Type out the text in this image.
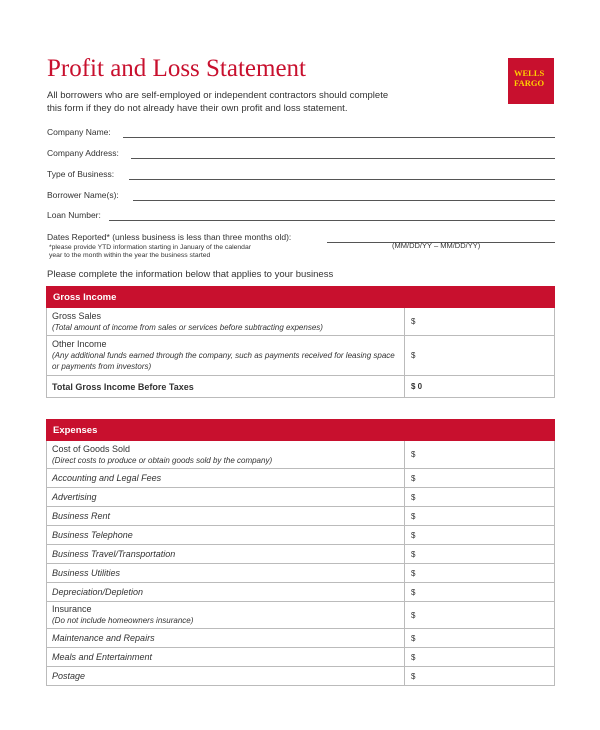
Profit and Loss Statement	WELLS
FARGO
All borrowers who are self-employed or independent contractors should complete
this form if they do not already have their own profit and loss statement.
Company Name:
Company Address:
Type of Business:
Borrower Name(s):
Loan Number:
Dates Reported* (unless business is less than three months old):
*please provide YTD information starting in January of the calendar
year to the month within the year the business started
(MM/DD/YY – MM/DD/YY)
Please complete the information below that applies to your business
Gross Income	
Gross Sales
(Total amount of income from sales or services before subtracting expenses)	$
Other Income
(Any additional funds earned through the company, such as payments received for leasing space or payments from investors)	$
Total Gross Income Before Taxes	$ 0
Expenses	
Cost of Goods Sold
(Direct costs to produce or obtain goods sold by the company)	$
Accounting and Legal Fees	$
Advertising	$
Business Rent	$
Business Telephone	$
Business Travel/Transportation	$
Business Utilities	$
Depreciation/Depletion	$
Insurance
(Do not include homeowners insurance)	$
Maintenance and Repairs	$
Meals and Entertainment	$
Postage	$
